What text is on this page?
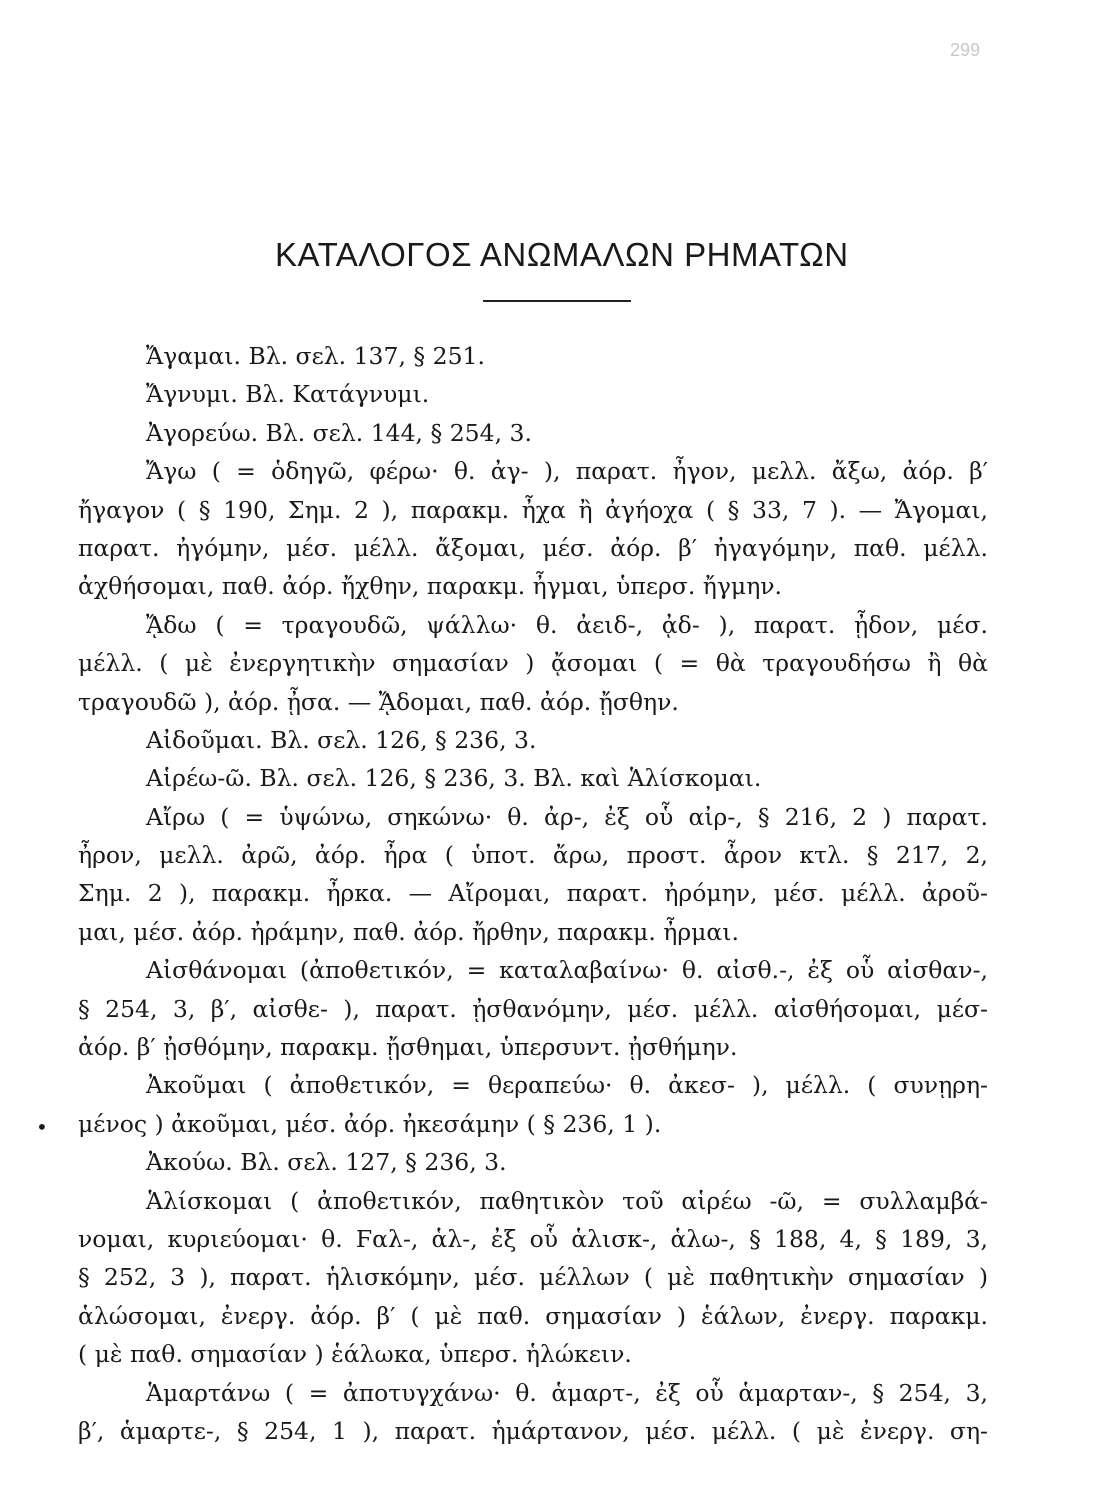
299
ΚΑΤΑΛΟΓΟΣ ΑΝΩΜΑΛΩΝ ΡΗΜΑΤΩΝ
Ἄγαμαι. Βλ. σελ. 137, § 251.
Ἄγνυμι. Βλ. Κατάγνυμι.
Ἀγορεύω. Βλ. σελ. 144, § 254, 3.
Ἄγω ( = ὁδηγῶ, φέρω· θ. ἀγ- ), παρατ. ἦγον, μελλ. ἄξω, ἀόρ. β′
ἤγαγον ( § 190, Σημ. 2 ), παρακμ. ἦχα ἢ ἀγήοχα ( § 33, 7 ). — Ἄγομαι,
παρατ. ἠγόμην, μέσ. μέλλ. ἄξομαι, μέσ. ἀόρ. β′ ἠγαγόμην, παθ. μέλλ.
ἀχθήσομαι, παθ. ἀόρ. ἤχθην, παρακμ. ἦγμαι, ὑπερσ. ἤγμην.
ᾌδω ( = τραγουδῶ, ψάλλω· θ. ἀειδ-, ᾀδ- ), παρατ. ᾖδον, μέσ.
μέλλ. ( μὲ ἐνεργητικὴν σημασίαν ) ᾄσομαι ( = θὰ τραγουδήσω ἢ θὰ
τραγουδῶ ), ἀόρ. ᾖσα. — ᾌδομαι, παθ. ἀόρ. ᾔσθην.
Αἰδοῦμαι. Βλ. σελ. 126, § 236, 3.
Αἱρέω-ῶ. Βλ. σελ. 126, § 236, 3. Βλ. καὶ Ἁλίσκομαι.
Αἴρω ( = ὑψώνω, σηκώνω· θ. ἀρ-, ἐξ οὗ αἰρ-, § 216, 2 ) παρατ.
ἦρον, μελλ. ἀρῶ, ἀόρ. ἦρα ( ὑποτ. ἄρω, προστ. ἆρον κτλ. § 217, 2,
Σημ. 2 ), παρακμ. ἦρκα. — Αἴρομαι, παρατ. ἠρόμην, μέσ. μέλλ. ἀροῦ-
μαι, μέσ. ἀόρ. ἠράμην, παθ. ἀόρ. ἤρθην, παρακμ. ἦρμαι.
Αἰσθάνομαι (ἀποθετικόν, = καταλαβαίνω· θ. αἰσθ.-, ἐξ οὗ αἰσθαν-,
§ 254, 3, β′, αἰσθε- ), παρατ. ᾐσθανόμην, μέσ. μέλλ. αἰσθήσομαι, μέσ-
ἀόρ. β′ ᾐσθόμην, παρακμ. ᾔσθημαι, ὑπερσυντ. ᾐσθήμην.
Ἀκοῦμαι ( ἀποθετικόν, = θεραπεύω· θ. ἀκεσ- ), μέλλ. ( συνῃρη-
μένος ) ἀκοῦμαι, μέσ. ἀόρ. ἠκεσάμην ( § 236, 1 ).
Ἀκούω. Βλ. σελ. 127, § 236, 3.
Ἁλίσκομαι ( ἀποθετικόν, παθητικὸν τοῦ αἱρέω -ῶ, = συλλαμβά-
νομαι, κυριεύομαι· θ. Ϝαλ-, ἁλ-, ἐξ οὗ ἁλισκ-, ἁλω-, § 188, 4, § 189, 3,
§ 252, 3 ), παρατ. ἡλισκόμην, μέσ. μέλλων ( μὲ παθητικὴν σημασίαν )
ἁλώσομαι, ἐνεργ. ἀόρ. β′ ( μὲ παθ. σημασίαν ) ἑάλων, ἐνεργ. παρακμ.
( μὲ παθ. σημασίαν ) ἑάλωκα, ὑπερσ. ἡλώκειν.
Ἁμαρτάνω ( = ἀποτυγχάνω· θ. ἁμαρτ-, ἐξ οὗ ἁμαρταν-, § 254, 3,
β′, ἁμαρτε-, § 254, 1 ), παρατ. ἡμάρτανον, μέσ. μέλλ. ( μὲ ἐνεργ. ση-
•
